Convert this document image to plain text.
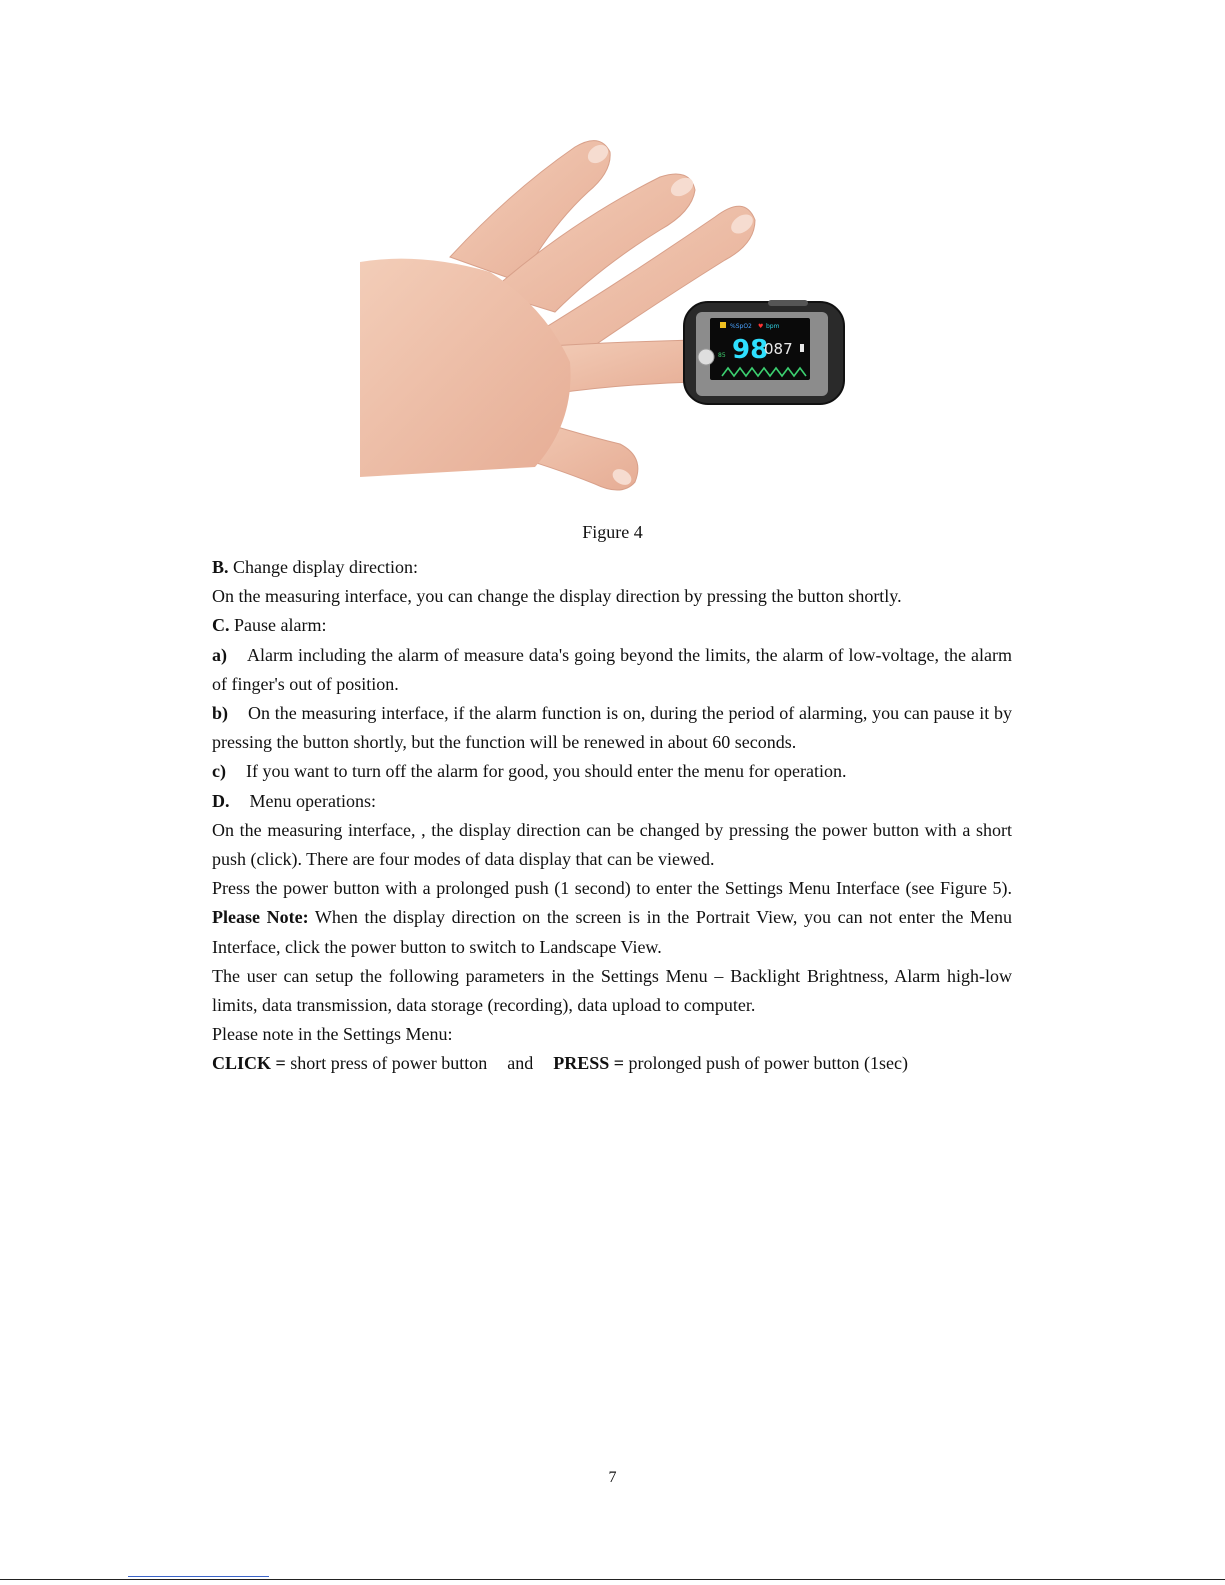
%SpO2 ♥ bpm
98
087
85
Figure 4

B. Change display direction:

On the measuring interface, you can change the display direction by pressing the button shortly.

C. Pause alarm:

a) Alarm including the alarm of measure data's going beyond the limits, the alarm of low-voltage, the alarm of finger's out of position.

b) On the measuring interface, if the alarm function is on, during the period of alarming, you can pause it by pressing the button shortly, but the function will be renewed in about 60 seconds.

c) If you want to turn off the alarm for good, you should enter the menu for operation.

D. Menu operations:

On the measuring interface, , the display direction can be changed by pressing the power button with a short push (click). There are four modes of data display that can be viewed.

Press the power button with a prolonged push (1 second) to enter the Settings Menu Interface (see Figure 5). Please Note: When the display direction on the screen is in the Portrait View, you can not enter the Menu Interface, click the power button to switch to Landscape View.

The user can setup the following parameters in the Settings Menu – Backlight Brightness, Alarm high-low limits, data transmission, data storage (recording), data upload to computer.

Please note in the Settings Menu:

CLICK = short press of power button and PRESS = prolonged push of power button (1sec)

7
